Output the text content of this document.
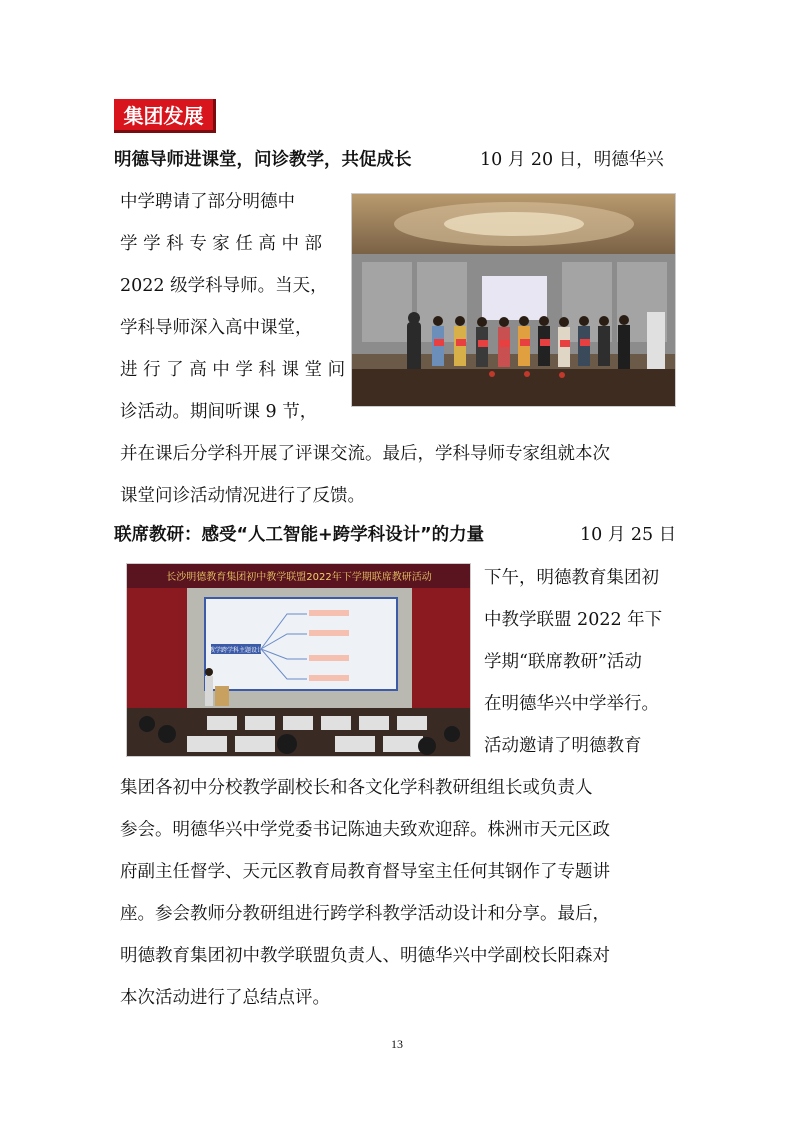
集团发展
明德导师进课堂，问诊教学，共促成长	10 月 20 日，明德华兴
中学聘请了部分明德中
学 学 科 专 家 任 高 中 部
2022 级学科导师。当天，
学科导师深入高中课堂，
进 行 了 高 中 学 科 课 堂 问
诊活动。期间听课 9 节，
并在课后分学科开展了评课交流。最后，学科导师专家组就本次
课堂问诊活动情况进行了反馈。
联席教研：感受“人工智能+跨学科设计”的力量	10 月 25 日
下午，明德教育集团初
中教学联盟 2022 年下
学期“联席教研”活动
在明德华兴中学举行。
活动邀请了明德教育
集团各初中分校教学副校长和各文化学科教研组组长或负责人
参会。明德华兴中学党委书记陈迪夫致欢迎辞。株洲市天元区政
府副主任督学、天元区教育局教育督导室主任何其钢作了专题讲
座。参会教师分教研组进行跨学科教学活动设计和分享。最后，
明德教育集团初中教学联盟负责人、明德华兴中学副校长阳森对
本次活动进行了总结点评。
长沙明德教育集团初中教学联盟2022年下学期联席教研活动
教学跨学科主题设计
13
